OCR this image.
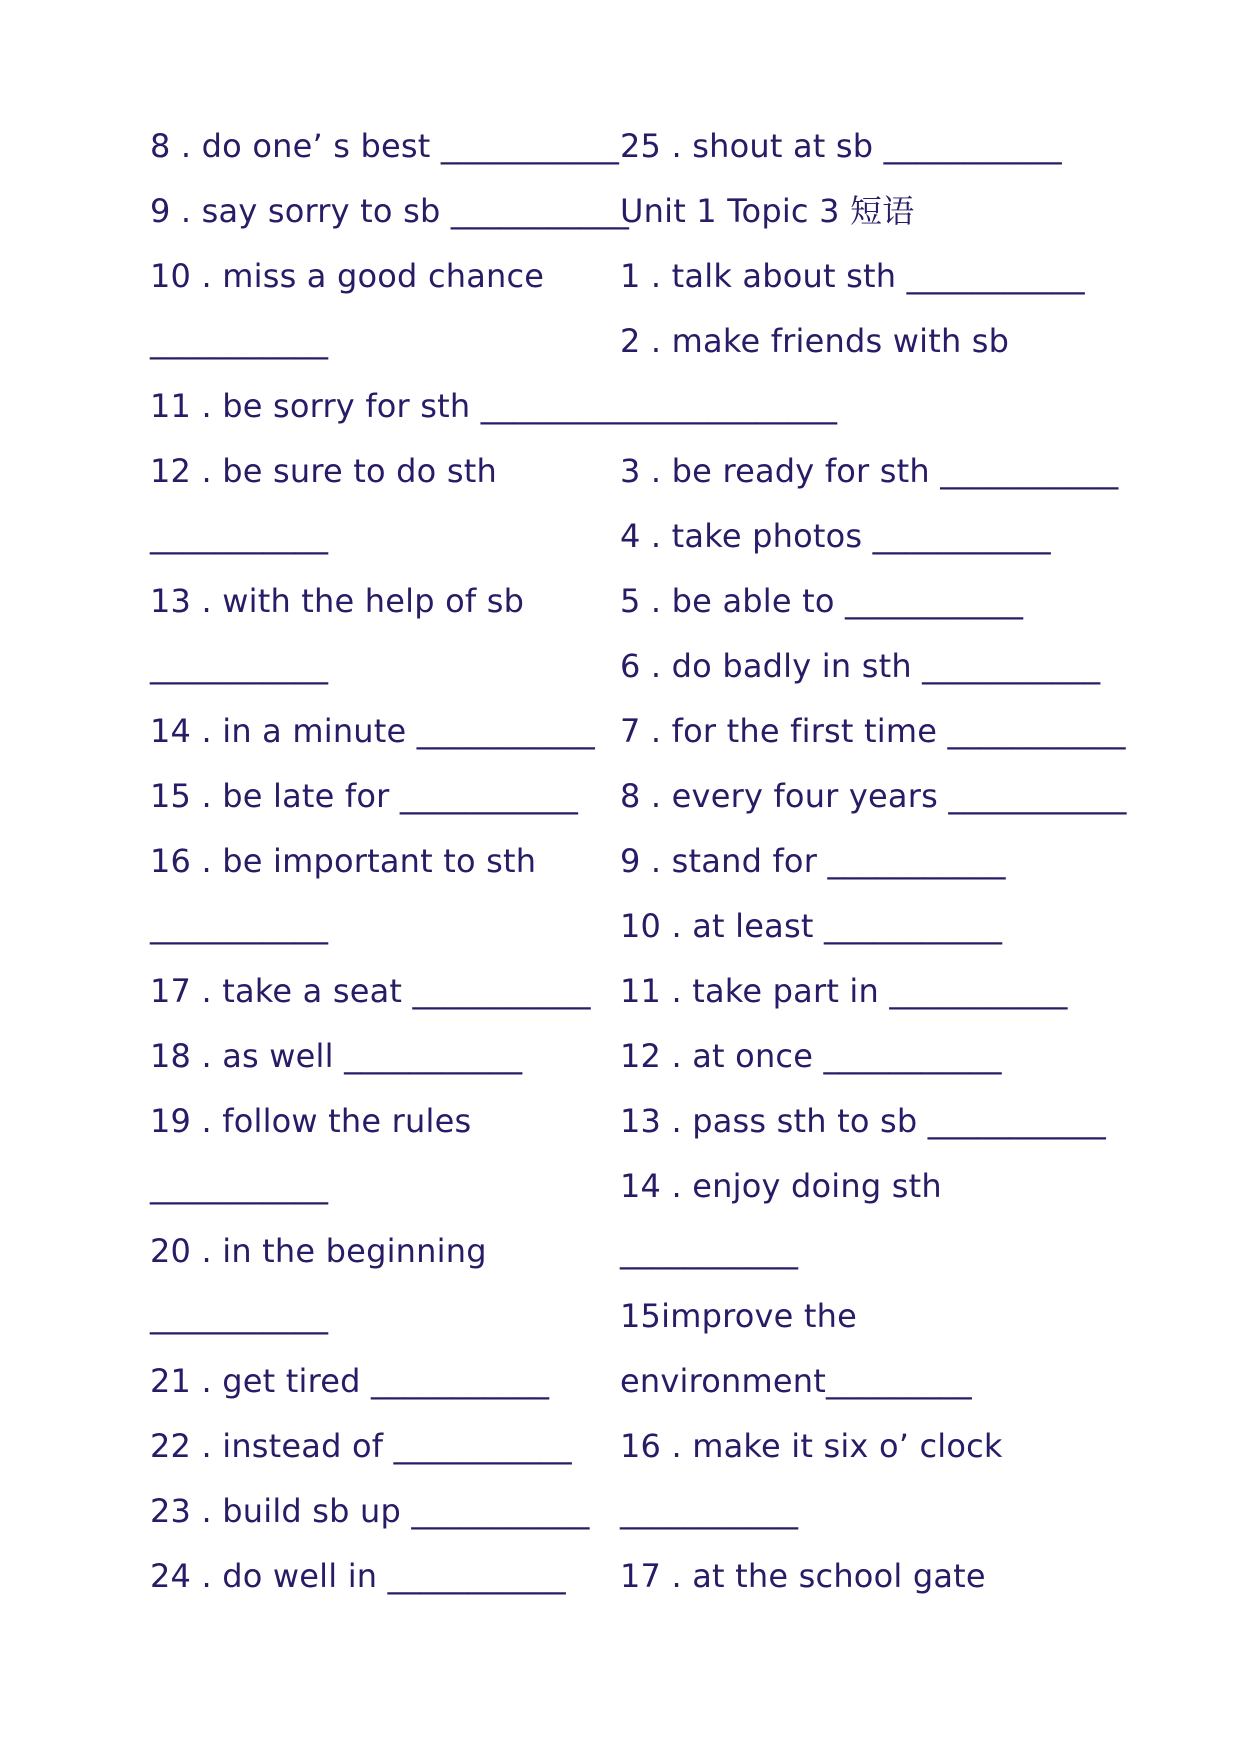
8 . do one’ s best ___________
9 . say sorry to sb ___________
10 . miss a good chance
___________
11 . be sorry for sth ______________________
12 . be sure to do sth
___________
13 . with the help of sb
___________
14 . in a minute ___________
15 . be late for ___________
16 . be important to sth
___________
17 . take a seat ___________
18 . as well ___________
19 . follow the rules
___________
20 . in the beginning
___________
21 . get tired ___________
22 . instead of ___________
23 . build sb up ___________
24 . do well in ___________
25 . shout at sb ___________
Unit 1 Topic 3 短语
1 . talk about sth ___________
2 . make friends with sb
3 . be ready for sth ___________
4 . take photos ___________
5 . be able to ___________
6 . do badly in sth ___________
7 . for the first time ___________
8 . every four years ___________
9 . stand for ___________
10 . at least ___________
11 . take part in ___________
12 . at once ___________
13 . pass sth to sb ___________
14 . enjoy doing sth
___________
15improve the
environment_________
16 . make it six o’ clock
___________
17 . at the school gate
